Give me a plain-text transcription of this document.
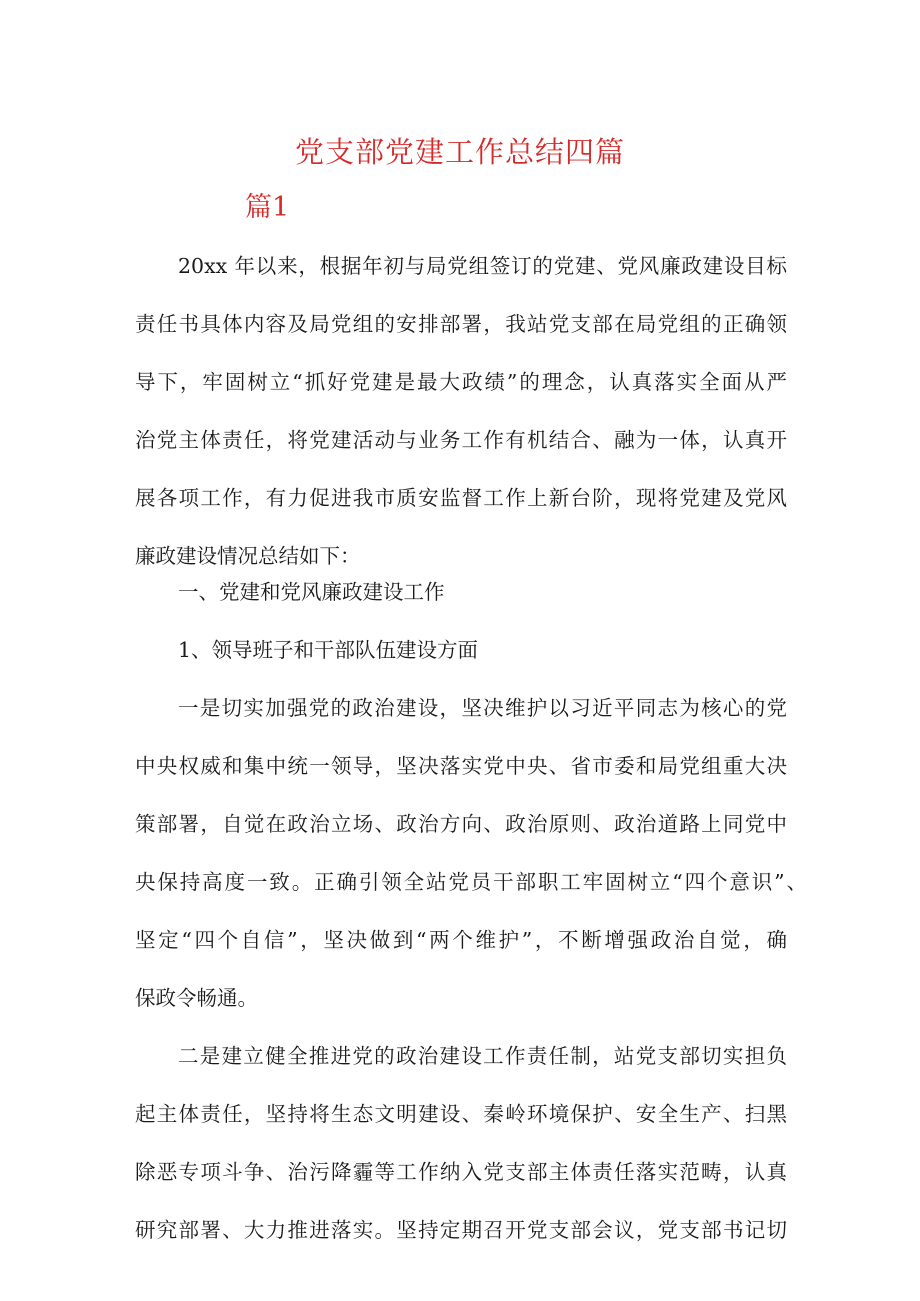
党支部党建工作总结四篇
篇1
20xx 年以来，根据年初与局党组签订的党建、党风廉政建设目标
责任书具体内容及局党组的安排部署，我站党支部在局党组的正确领
导下，牢固树立“抓好党建是最大政绩”的理念，认真落实全面从严
治党主体责任，将党建活动与业务工作有机结合、融为一体，认真开
展各项工作，有力促进我市质安监督工作上新台阶，现将党建及党风
廉政建设情况总结如下：
一、党建和党风廉政建设工作
1、领导班子和干部队伍建设方面
一是切实加强党的政治建设，坚决维护以习近平同志为核心的党
中央权威和集中统一领导，坚决落实党中央、省市委和局党组重大决
策部署，自觉在政治立场、政治方向、政治原则、政治道路上同党中
央保持高度一致。正确引领全站党员干部职工牢固树立“四个意识”、
坚定“四个自信”，坚决做到“两个维护”，不断增强政治自觉，确
保政令畅通。
二是建立健全推进党的政治建设工作责任制，站党支部切实担负
起主体责任，坚持将生态文明建设、秦岭环境保护、安全生产、扫黑
除恶专项斗争、治污降霾等工作纳入党支部主体责任落实范畴，认真
研究部署、大力推进落实。坚持定期召开党支部会议，党支部书记切
